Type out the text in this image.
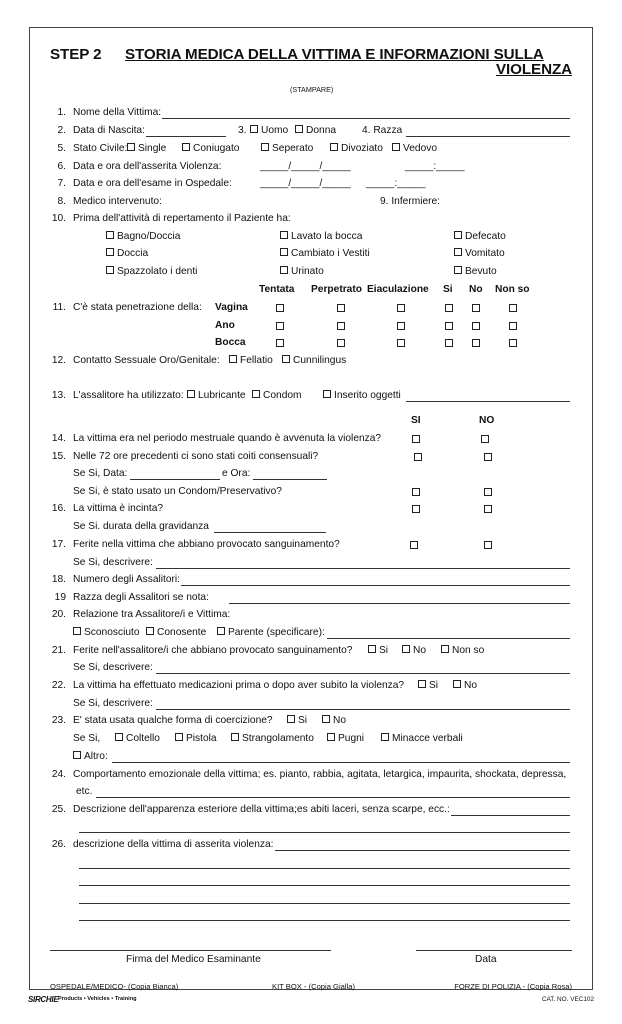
STEP 2 STORIA MEDICA DELLA VITTIMA E INFORMAZIONI SULLA
VIOLENZA
(STAMPARE)
1. Nome della Vittima:
2. Data di Nascita:	3.	Uomo	Donna	4. Razza
5. Stato Civile:	Single	Coniugato	Seperato	Divoziato	Vedovo
6. Data e ora dell'asserita Violenza:	_____/_____/_____	_____:_____
7. Data e ora dell'esame in Ospedale:	_____/_____/_____ _____:_____
8. Medico intervenuto:	9. Infermiere:
10. Prima dell'attività di repertamento il Paziente ha:
Bagno/Doccia
Doccia
Spazzolato i denti
Lavato la bocca
Cambiato i Vestiti
Urinato
Defecato
Vomitato
Bevuto
Tentata Perpetrato Eiaculazione Si No Non so
11. C'è stata penetrazione della: Vagina
Ano
Bocca
12. Contatto Sessuale Oro/Genitale:	Fellatio	Cunnilingus
13. L'assalitore ha utilizzato:	Lubricante	Condom	Inserito oggetti
SI	NO
14. La vittima era nel periodo mestruale quando è avvenuta la violenza?
15. Nelle 72 ore precedenti ci sono stati coiti consensuali?
Se Si, Data:	e Ora:
Se Si, è stato usato un Condom/Preservativo?
16. La vittima è incinta?
Se Si. durata della gravidanza
17. Ferite nella vittima che abbiano provocato sanguinamento?
Se Si, descrivere:
18. Numero degli Assalitori:
19 Razza degli Assalitori se nota:
20. Relazione tra Assalitore/i e Vittima:
Sconosciuto	Conosente	Parente (specificare):
21. Ferite nell'assalitore/i che abbiano provocato sanguinamento?	Si	No	Non so
Se Si, descrivere:
22. La vittima ha effettuato medicazioni prima o dopo aver subito la violenza?	Si	No
Se Si, descrivere:
23. E' stata usata qualche forma di coercizione?	Si	No
Se Si,	Coltello	Pistola	Strangolamento	Pugni	Minacce verbali
Altro:
24. Comportamento emozionale della vittima; es. pianto, rabbia, agitata, letargica, impaurita, shockata, depressa,
etc.
25. Descrizione dell'apparenza esteriore della vittima;es abiti laceri, senza scarpe, ecc.:
26. descrizione della vittima di asserita violenza:
Firma del Medico Esaminante	Data
OSPEDALE/MEDICO- (Copia Bianca)	KIT BOX - (Copia Gialla)	FORZE DI POLIZIA - (Copia Rosa)
SIRCHIE Products • Vehicles • Training	CAT. NO. VEC102
